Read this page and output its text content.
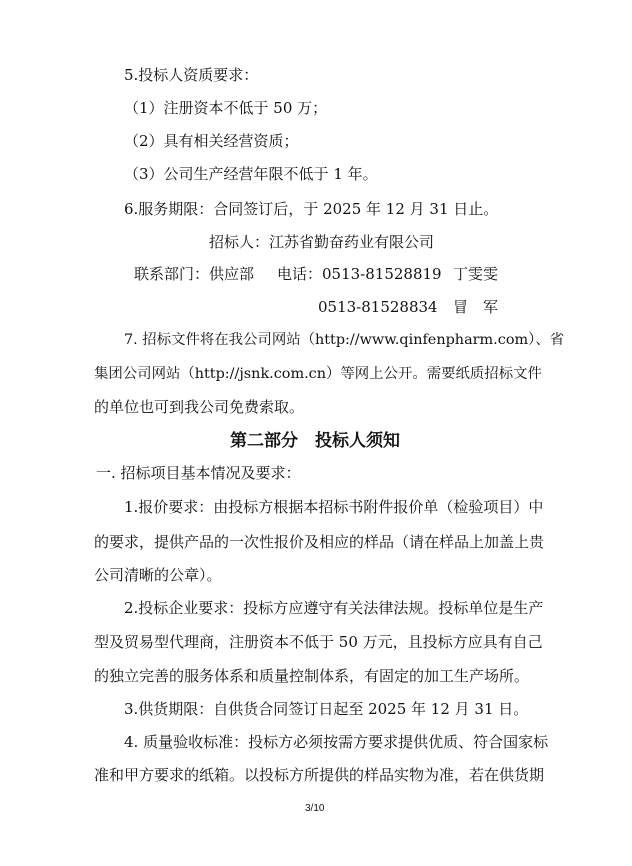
5.投标人资质要求：
（1）注册资本不低于 50 万；
（2）具有相关经营资质；
（3）公司生产经营年限不低于 1 年。
6.服务期限：合同签订后，于 2025 年 12 月 31 日止。
招标人：江苏省勤奋药业有限公司
联系部门：供应部 电话：0513-81528819 丁雯雯
0513-81528834 冒　军
7. 招标文件将在我公司网站（http://www.qinfenpharm.com）、省
集团公司网站（http://jsnk.com.cn）等网上公开。需要纸质招标文件
的单位也可到我公司免费索取。
第二部分　投标人须知
一. 招标项目基本情况及要求：
1.报价要求：由投标方根据本招标书附件报价单（检验项目）中
的要求，提供产品的一次性报价及相应的样品（请在样品上加盖上贵
公司清晰的公章）。
2.投标企业要求：投标方应遵守有关法律法规。投标单位是生产
型及贸易型代理商，注册资本不低于 50 万元，且投标方应具有自己
的独立完善的服务体系和质量控制体系，有固定的加工生产场所。
3.供货期限：自供货合同签订日起至 2025 年 12 月 31 日。
4. 质量验收标准：投标方必须按需方要求提供优质、符合国家标
准和甲方要求的纸箱。以投标方所提供的样品实物为准，若在供货期
3/10
